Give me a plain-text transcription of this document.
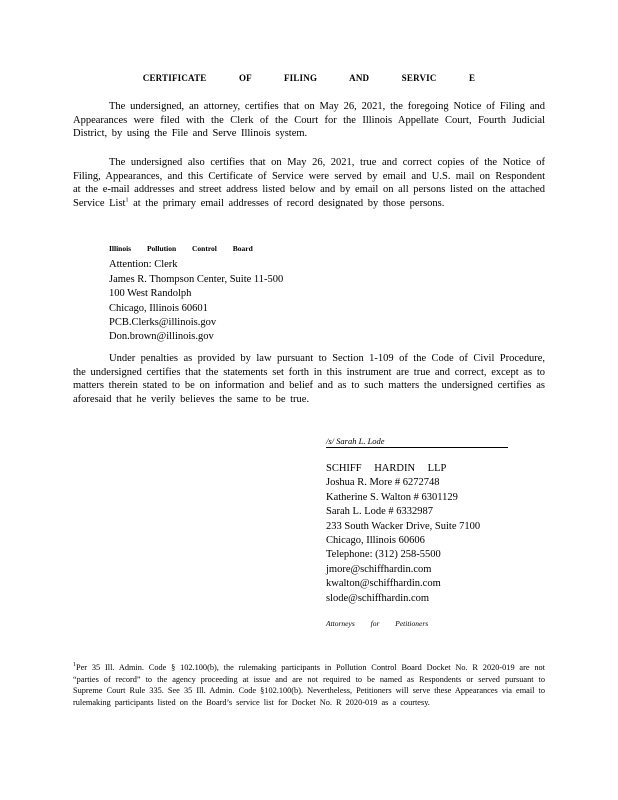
CERTIFICATE OF FILING AND SERVIC E
The undersigned, an attorney, certifies that on May 26, 2021, the foregoing Notice of Filing and Appearances were filed with the Clerk of the Court for the Illinois Appellate Court, Fourth Judicial District, by using the File and Serve Illinois system.
The undersigned also certifies that on May 26, 2021, true and correct copies of the Notice of Filing, Appearances, and this Certificate of Service were served by email and U.S. mail on Respondent at the e-mail addresses and street address listed below and by email on all persons listed on the attached Service List$^1$ at the primary email addresses of record designated by those persons.
Illinois Pollution Control Board
Attention: Clerk
James R. Thompson Center, Suite 11-500
100 West Randolph
Chicago, Illinois 60601
PCB.Clerks@illinois.gov
Don.brown@illinois.gov
Under penalties as provided by law pursuant to Section 1-109 of the Code of Civil Procedure, the undersigned certifies that the statements set forth in this instrument are true and correct, except as to matters therein stated to be on information and belief and as to such matters the undersigned certifies as aforesaid that he verily believes the same to be true.
/s/ Sarah L. Lode
SCHIFF HARDIN LLP
Joshua R. More # 6272748
Katherine S. Walton # 6301129
Sarah L. Lode # 6332987
233 South Wacker Drive, Suite 7100
Chicago, Illinois 60606
Telephone: (312) 258-5500
jmore@schiffhardin.com
kwalton@schiffhardin.com
slode@schiffhardin.com
Attorneys for Petitioners
$^1$Per 35 Ill. Admin. Code § 102.100(b), the rulemaking participants in Pollution Control Board Docket No. R 2020-019 are not “parties of record” to the agency proceeding at issue and are not required to be named as Respondents or served pursuant to Supreme Court Rule 335. See 35 Ill. Admin. Code §102.100(b). Nevertheless, Petitioners will serve these Appearances via email to rulemaking participants listed on the Board’s service list for Docket No. R 2020-019 as a courtesy.
